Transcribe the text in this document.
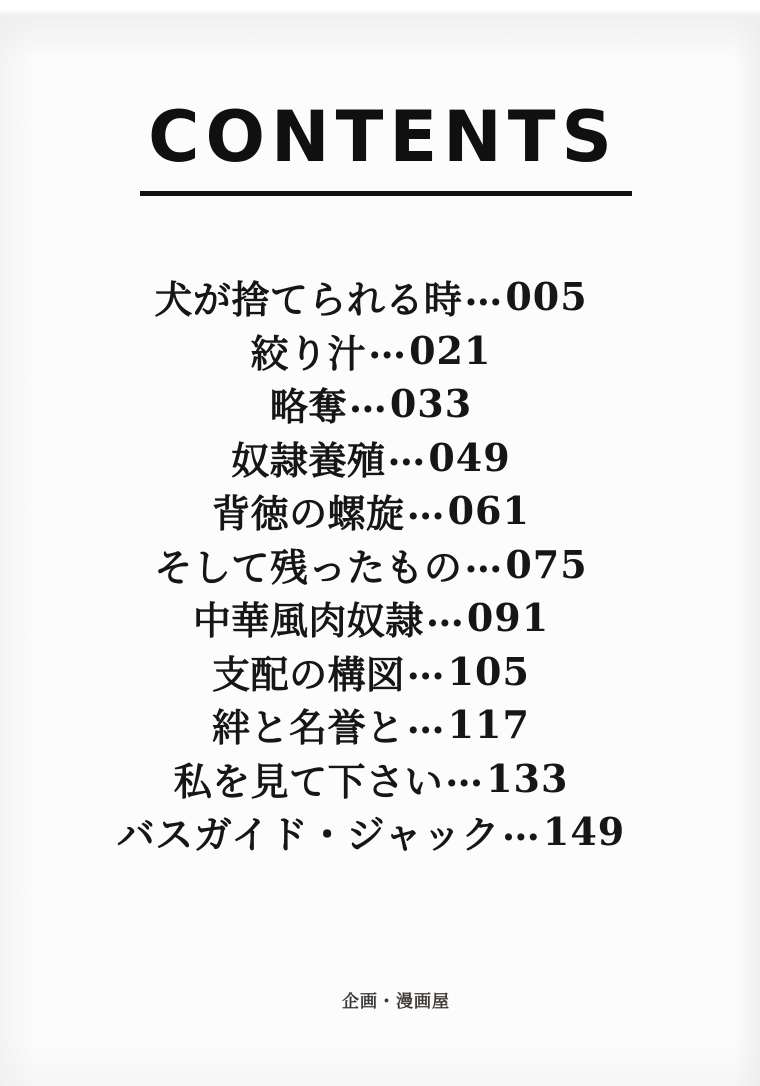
CONTENTS
犬が捨てられる時 … 005
絞り汁 … 021
略奪 … 033
奴隷養殖 … 049
背徳の螺旋 … 061
そして残ったもの … 075
中華風肉奴隷 … 091
支配の構図 … 105
絆と名誉と … 117
私を見て下さい … 133
バスガイド・ジャック … 149
企画・漫画屋
